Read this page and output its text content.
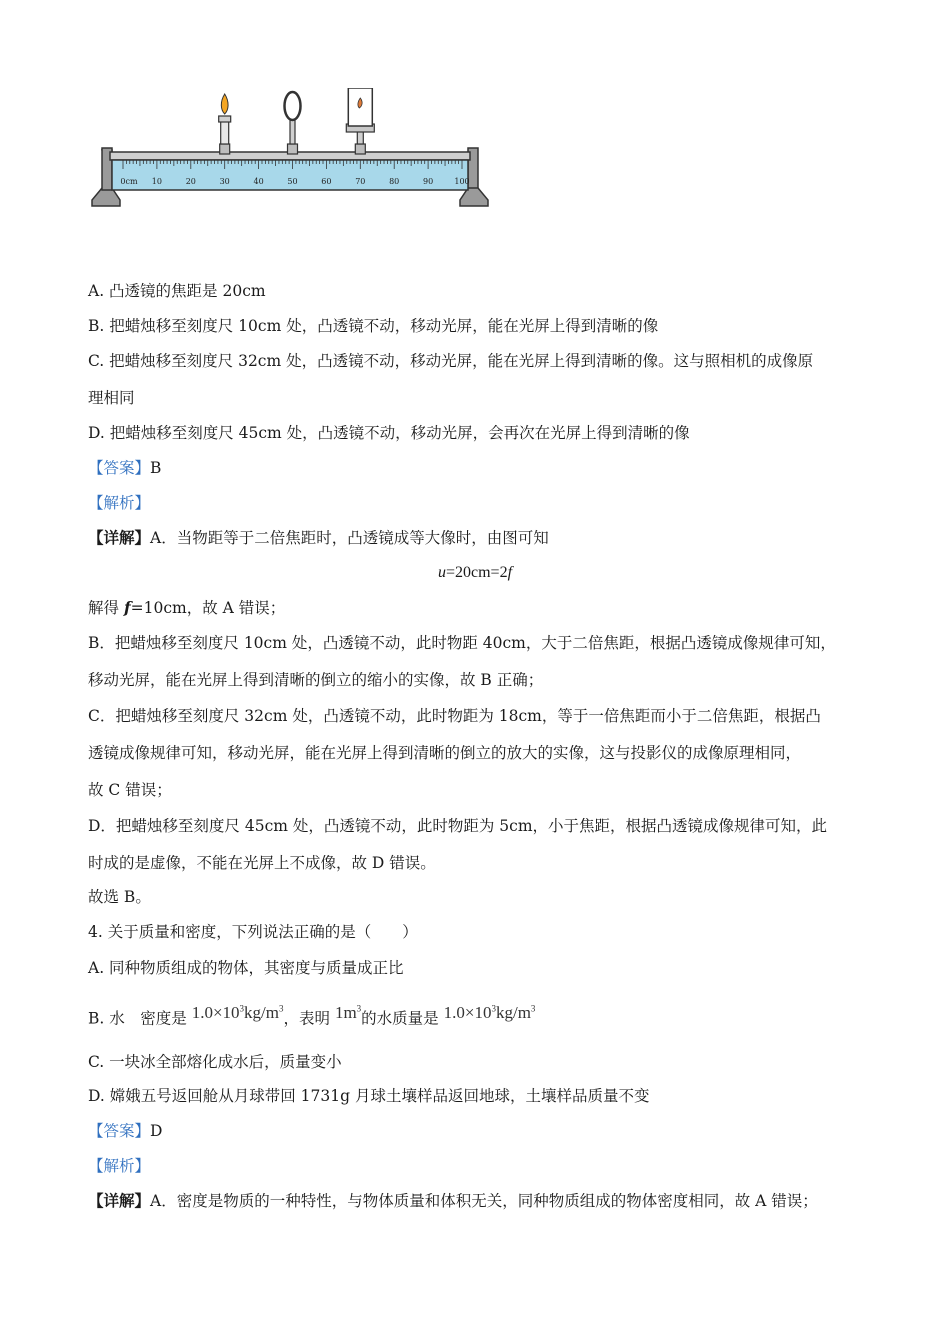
0cm 10	20	30	40	50	60	70	80	90	100
A. 凸透镜的焦距是 20cm
B. 把蜡烛移至刻度尺 10cm 处，凸透镜不动，移动光屏，能在光屏上得到清晰的像
C. 把蜡烛移至刻度尺 32cm 处，凸透镜不动，移动光屏，能在光屏上得到清晰的像。这与照相机的成像原
理相同
D. 把蜡烛移至刻度尺 45cm 处，凸透镜不动，移动光屏，会再次在光屏上得到清晰的像
【答案】B
【解析】
【详解】A．当物距等于二倍焦距时，凸透镜成等大像时，由图可知
u=20cm=2f
解得 f=10cm，故 A 错误；
B．把蜡烛移至刻度尺 10cm 处，凸透镜不动，此时物距 40cm，大于二倍焦距，根据凸透镜成像规律可知，
移动光屏，能在光屏上得到清晰的倒立的缩小的实像，故 B 正确；
C．把蜡烛移至刻度尺 32cm 处，凸透镜不动，此时物距为 18cm，等于一倍焦距而小于二倍焦距，根据凸
透镜成像规律可知，移动光屏，能在光屏上得到清晰的倒立的放大的实像，这与投影仪的成像原理相同，
故 C 错误；
D．把蜡烛移至刻度尺 45cm 处，凸透镜不动，此时物距为 5cm，小于焦距，根据凸透镜成像规律可知，此
时成的是虚像，不能在光屏上不成像，故 D 错误。
故选 B。
4. 关于质量和密度，下列说法正确的是（　　）
A. 同种物质组成的物体，其密度与质量成正比
B. 水　密度是 $1.0\times 10^3kg/m^3$，表明 $1m^3$的水质量是 $1.0\times 10^3kg/m^3$
C. 一块冰全部熔化成水后，质量变小
D. 嫦娥五号返回舱从月球带回 1731g 月球土壤样品返回地球，土壤样品质量不变
【答案】D
【解析】
【详解】A．密度是物质的一种特性，与物体质量和体积无关，同种物质组成的物体密度相同，故 A 错误；
